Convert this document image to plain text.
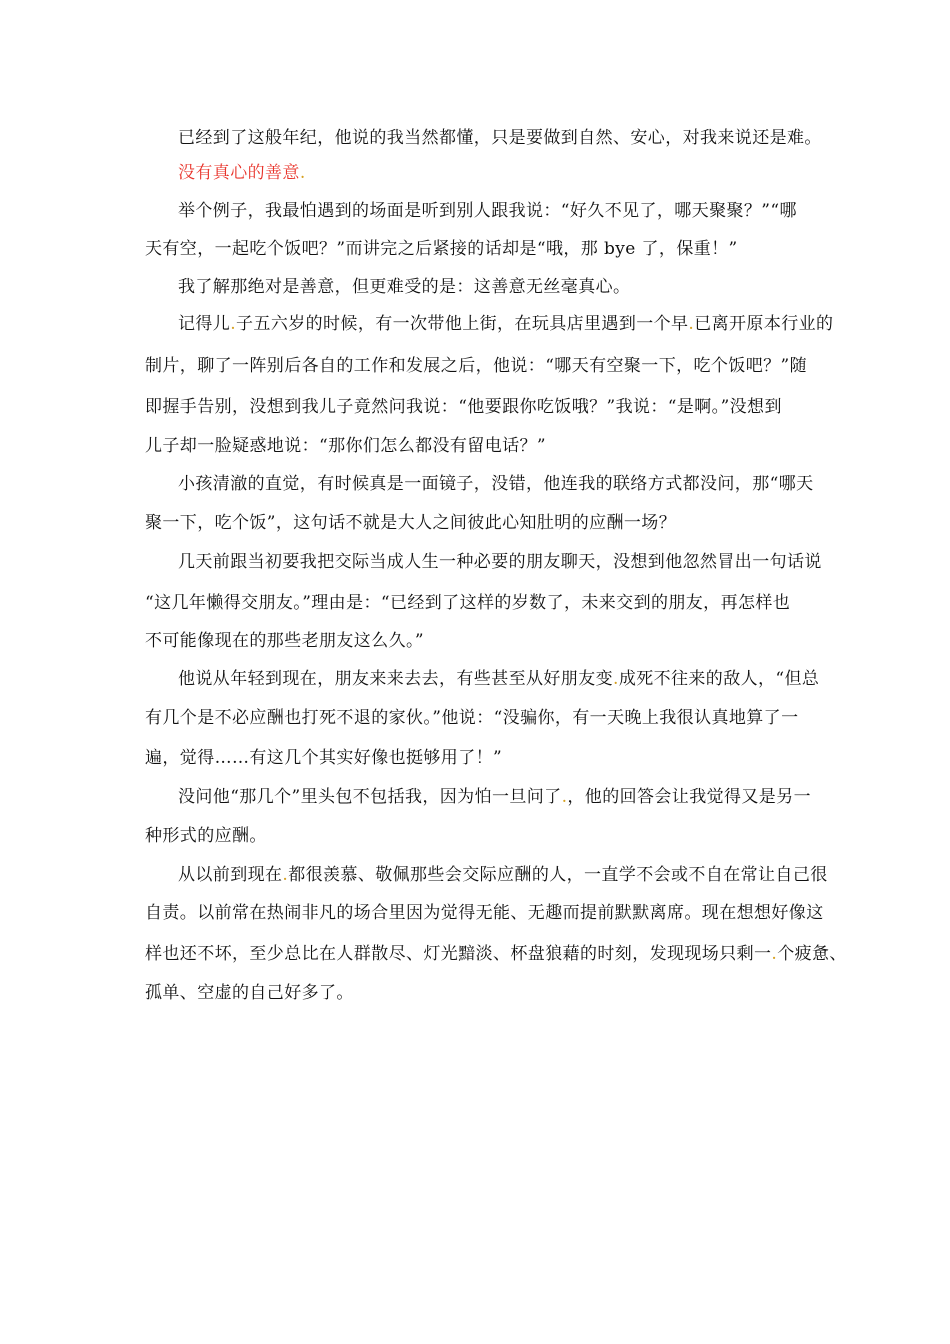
已经到了这般年纪，他说的我当然都懂，只是要做到自然、安心，对我来说还是难。
没有真心的善意.
举个例子，我最怕遇到的场面是听到别人跟我说：“好久不见了，哪天聚聚？”“哪
天有空，一起吃个饭吧？”而讲完之后紧接的话却是“哦，那 bye 了，保重！”
我了解那绝对是善意，但更难受的是：这善意无丝毫真心。
记得儿.子五六岁的时候，有一次带他上街，在玩具店里遇到一个早.已离开原本行业的
制片，聊了一阵别后各自的工作和发展之后，他说：“哪天有空聚一下，吃个饭吧？”随
即握手告别，没想到我儿子竟然问我说：“他要跟你吃饭哦？”我说：“是啊。”没想到
儿子却一脸疑惑地说：“那你们怎么都没有留电话？”
小孩清澈的直觉，有时候真是一面镜子，没错，他连我的联络方式都没问，那“哪天
聚一下，吃个饭”，这句话不就是大人之间彼此心知肚明的应酬一场？
几天前跟当初要我把交际当成人生一种必要的朋友聊天，没想到他忽然冒出一句话说
“这几年懒得交朋友。”理由是：“已经到了这样的岁数了，未来交到的朋友，再怎样也
不可能像现在的那些老朋友这么久。”
他说从年轻到现在，朋友来来去去，有些甚至从好朋友变.成死不往来的敌人，“但总
有几个是不必应酬也打死不退的家伙。”他说：“没骗你，有一天晚上我很认真地算了一
遍，觉得……有这几个其实好像也挺够用了！”
没问他“那几个”里头包不包括我，因为怕一旦问了.，他的回答会让我觉得又是另一
种形式的应酬。
从以前到现在.都很羡慕、敬佩那些会交际应酬的人，一直学不会或不自在常让自己很
自责。以前常在热闹非凡的场合里因为觉得无能、无趣而提前默默离席。现在想想好像这
样也还不坏，至少总比在人群散尽、灯光黯淡、杯盘狼藉的时刻，发现现场只剩一.个疲惫、
孤单、空虚的自己好多了。
